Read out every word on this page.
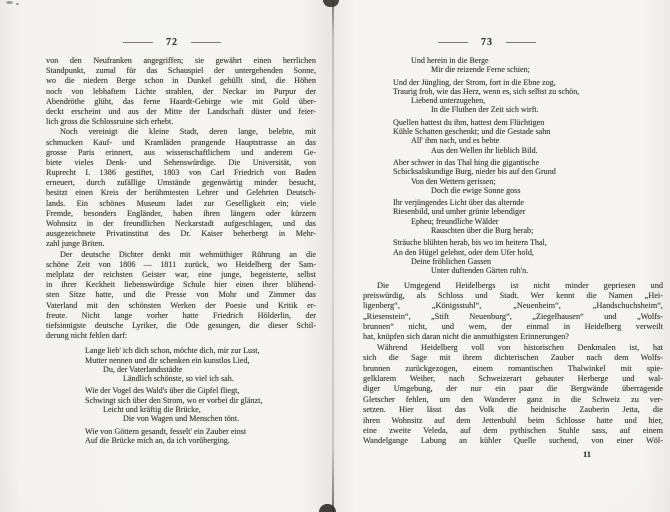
72
von den Neufranken angegriffen; sie gewährt einen herrlichen
Standpunkt, zumal für das Schauspiel der untergehenden Sonne,
wo die niedern Berge schon in Dunkel gehüllt sind, die Höhen
noch von lebhaftem Lichte strahlen, der Neckar im Purpur der
Abendröthe glüht, das ferne Haardt-Gebirge wie mit Gold über-
deckt erscheint und aus der Mitte der Landschaft düster und feier-
lich gross die Schlossruine sich erhebt.
Noch vereinigt die kleine Stadt, deren lange, belebte, mit
schmucken Kauf- und Kramläden prangende Hauptstrasse an das
grosse Paris erinnert, aus wissenschaftlichem und anderem Ge-
biete vieles Denk- und Sehenswürdige. Die Universität, von
Ruprecht I. 1386 gestiftet, 1803 von Carl Friedrich von Baden
erneuert, durch zufällige Umstände gegenwärtig minder besucht,
besitzt einen Kreis der berühmtesten Lehrer und Gelehrten Deutsch-
lands. Ein schönes Museum ladet zur Geselligkeit ein; viele
Fremde, besonders Engländer, haben ihren längern oder kürzern
Wohnsitz in der freundlichen Neckarstadt aufgeschlagen, und das
ausgezeichnete Privatinstitut des Dr. Kaiser beherbergt in Mehr-
zahl junge Briten.
Der deutsche Dichter denkt mit wehmüthiger Rührung an die
schöne Zeit von 1806 — 1811 zurück, wo Heidelberg der Sam-
melplatz der reichsten Geister war, eine junge, begeisterte, selbst
in ihrer Keckheit liebenswürdige Schule hier einen ihrer blühend-
sten Sitze hatte, und die Presse von Mohr und Zimmer das
Vaterland mit den schönsten Werken der Poesie und Kritik er-
freute. Nicht lange vorher hatte Friedrich Hölderlin, der
tiefsinnigste deutsche Lyriker, die Ode gesungen, die dieser Schil-
derung nicht fehlen darf:
Lange lieb' ich dich schon, möchte dich, mir zur Lust,
Mutter nennen und dir schenken ein kunstlos Lied,
Du, der Vaterlandsstädte
Ländlich schönste, so viel ich sah.
Wie der Vogel des Wald's über die Gipfel fliegt,
Schwingt sich über den Strom, wo er vorbei dir glänzt,
Leicht und kräftig die Brücke,
Die von Wagen und Menschen tönt.
Wie von Göttern gesandt, fesselt' ein Zauber einst
Auf die Brücke mich an, da ich vorüberging.
73
Und herein in die Berge
Mir die reizende Ferne schien;
Und der Jüngling, der Strom, fort in die Ebne zog,
Traurig froh, wie das Herz, wenn es, sich selbst zu schön,
Liebend unterzugehen,
In die Fluthen der Zeit sich wirft.
Quellen hattest du ihm, hattest dem Flüchtigen
Kühle Schatten geschenkt; und die Gestade sahn
All' ihm nach, und es bebte
Aus den Wellen ihr lieblich Bild.
Aber schwer in das Thal hing die gigantische
Schicksalskundige Burg, nieder bis auf den Grund
Von den Wettern gerissen;
Doch die ewige Sonne goss
Ihr verjüngendes Licht über das alternde
Riesenbild, und umher grünte lebendiger
Epheu; freundliche Wälder
Rauschten über die Burg herab;
Sträuche blühten herab, bis wo im heitern Thal,
An den Hügel gelehnt, oder dem Ufer hold,
Deine fröhlichen Gassen
Unter duftenden Gärten ruh'n.
Die Umgegend Heidelbergs ist nicht minder gepriesen und
preiswürdig, als Schloss und Stadt. Wer kennt die Namen „Hei-
ligenberg“, „Königsstuhl“, „Neuenheim“, „Handschuchsheim“,
„Riesenstein“, „Stift Neuenburg“, „Ziegelhausen“ und „Wolfs-
brunnen“ nicht, und wem, der einmal in Heidelberg verweilt
hat, knüpfen sich daran nicht die anmuthigsten Erinnerungen?
Während Heidelberg voll von historischen Denkmalen ist, hat
sich die Sage mit ihrem dichterischen Zauber nach dem Wolfs-
brunnen zurückgezogen, einem romantischen Thalwinkel mit spie-
gelklarem Weiher, nach Schweizerart gebauter Herberge und wal-
diger Umgebung, der nur ein paar die Bergwände überragende
Gletscher fehlen, um den Wanderer ganz in die Schweiz zu ver-
setzen. Hier lässt das Volk die heidnische Zauberin Jetta, die
ihren Wohnsitz auf dem Jettenbuhl beim Schlosse hatte und hier,
eine zweite Veleda, auf dem pythischen Stuhle sass, auf einem
Wandelgange Labung an kühler Quelle suchend, von einer Wöl-
11
